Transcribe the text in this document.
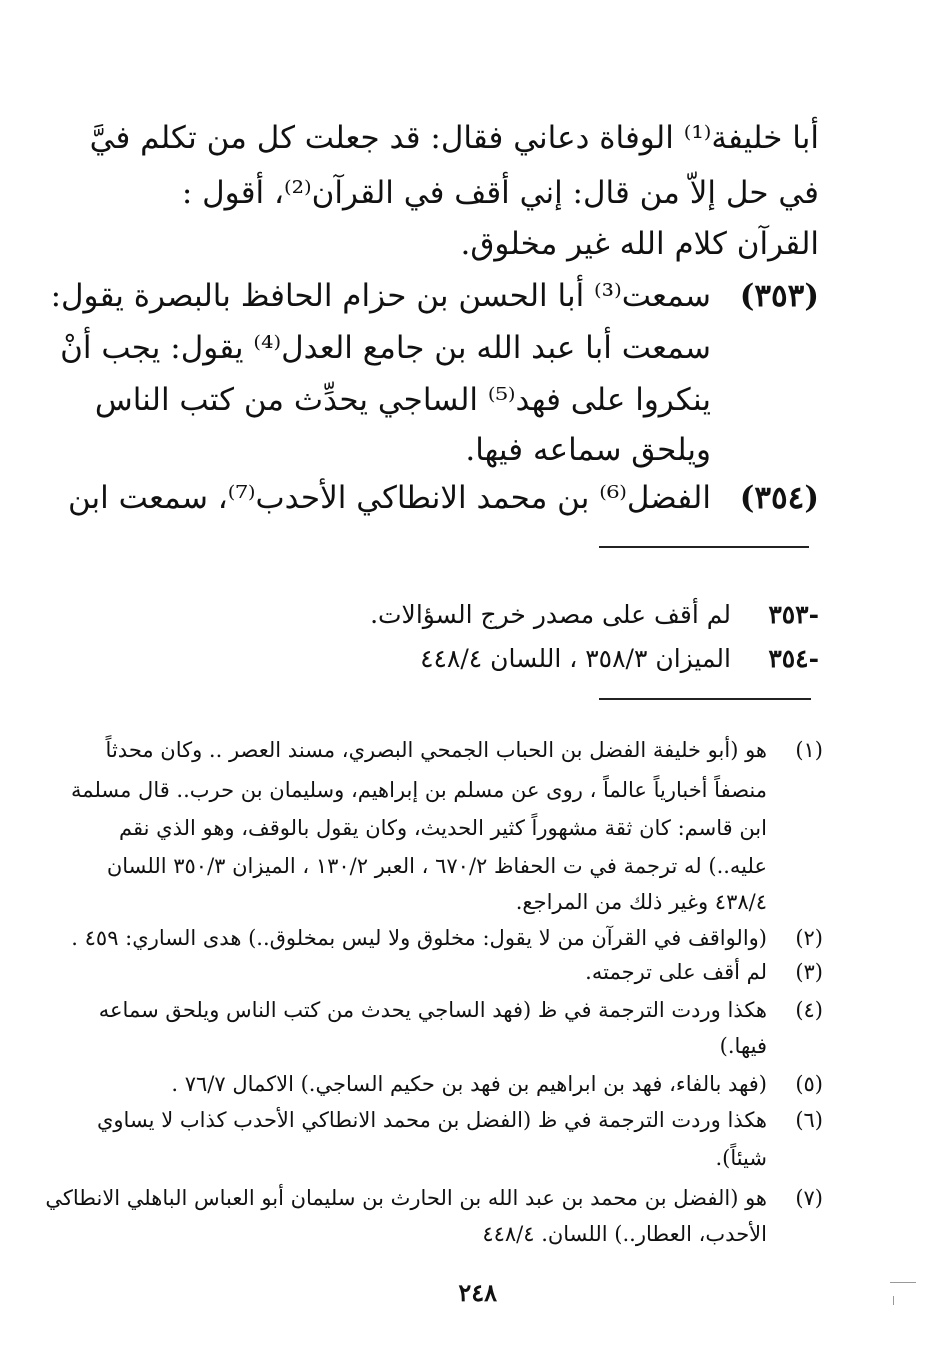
أبا خليفة⁽¹⁾ الوفاة دعاني فقال: قد جعلت كل من تكلم فيَّ
في حل إلاّ من قال: إني أقف في القرآن⁽²⁾، أقول :
القرآن كلام الله غير مخلوق.
(٣٥٣)
سمعت⁽³⁾ أبا الحسن بن حزام الحافظ بالبصرة يقول:
سمعت أبا عبد الله بن جامع العدل⁽⁴⁾ يقول: يجب أنْ
ينكروا على فهد⁽⁵⁾ الساجي يحدِّث من كتب الناس
ويلحق سماعه فيها.
(٣٥٤)
الفضل⁽⁶⁾ بن محمد الانطاكي الأحدب⁽⁷⁾، سمعت ابن
-٣٥٣
لم أقف على مصدر خرج السؤالات.
-٣٥٤
الميزان ٣٥٨/٣ ، اللسان ٤٤٨/٤
(١)
هو (أبو خليفة الفضل بن الحباب الجمحي البصري، مسند العصر .. وكان محدثاً
منصفاً أخبارياً عالماً ، روى عن مسلم بن إبراهيم، وسليمان بن حرب.. قال مسلمة
ابن قاسم: كان ثقة مشهوراً كثير الحديث، وكان يقول بالوقف، وهو الذي نقم
عليه..) له ترجمة في ت الحفاظ ٦٧٠/٢ ، العبر ١٣٠/٢ ، الميزان ٣٥٠/٣ اللسان
٤٣٨/٤ وغير ذلك من المراجع.
(٢)
(والواقف في القرآن من لا يقول: مخلوق ولا ليس بمخلوق..) هدى الساري: ٤٥٩ .
(٣)
لم أقف على ترجمته.
(٤)
هكذا وردت الترجمة في ظ (فهد الساجي يحدث من كتب الناس ويلحق سماعه
فيها.)
(٥)
(فهد بالفاء، فهد بن ابراهيم بن فهد بن حكيم الساجي.) الاكمال ٧٦/٧ .
(٦)
هكذا وردت الترجمة في ظ (الفضل بن محمد الانطاكي الأحدب كذاب لا يساوي
شيئاً).
(٧)
هو (الفضل بن محمد بن عبد الله بن الحارث بن سليمان أبو العباس الباهلي الانطاكي
الأحدب، العطار..) اللسان. ٤٤٨/٤
٢٤٨
